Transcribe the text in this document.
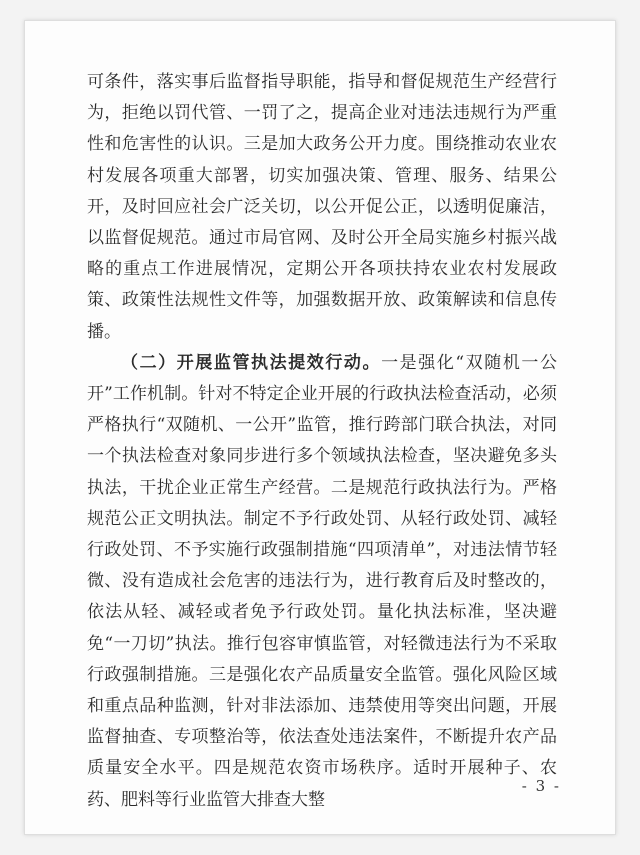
可条件，落实事后监督指导职能，指导和督促规范生产经营行为，拒绝以罚代管、一罚了之，提高企业对违法违规行为严重性和危害性的认识。三是加大政务公开力度。围绕推动农业农村发展各项重大部署，切实加强决策、管理、服务、结果公开，及时回应社会广泛关切，以公开促公正，以透明促廉洁，以监督促规范。通过市局官网、及时公开全局实施乡村振兴战略的重点工作进展情况，定期公开各项扶持农业农村发展政策、政策性法规性文件等，加强数据开放、政策解读和信息传播。

（二）开展监管执法提效行动。一是强化“双随机一公开”工作机制。针对不特定企业开展的行政执法检查活动，必须严格执行“双随机、一公开”监管，推行跨部门联合执法，对同一个执法检查对象同步进行多个领域执法检查，坚决避免多头执法，干扰企业正常生产经营。二是规范行政执法行为。严格规范公正文明执法。制定不予行政处罚、从轻行政处罚、减轻行政处罚、不予实施行政强制措施“四项清单”，对违法情节轻微、没有造成社会危害的违法行为，进行教育后及时整改的，依法从轻、减轻或者免予行政处罚。量化执法标准，坚决避免“一刀切”执法。推行包容审慎监管，对轻微违法行为不采取行政强制措施。三是强化农产品质量安全监管。强化风险区域和重点品种监测，针对非法添加、违禁使用等突出问题，开展监督抽查、专项整治等，依法查处违法案件，不断提升农产品质量安全水平。四是规范农资市场秩序。适时开展种子、农药、肥料等行业监管大排查大整

- 3 -
